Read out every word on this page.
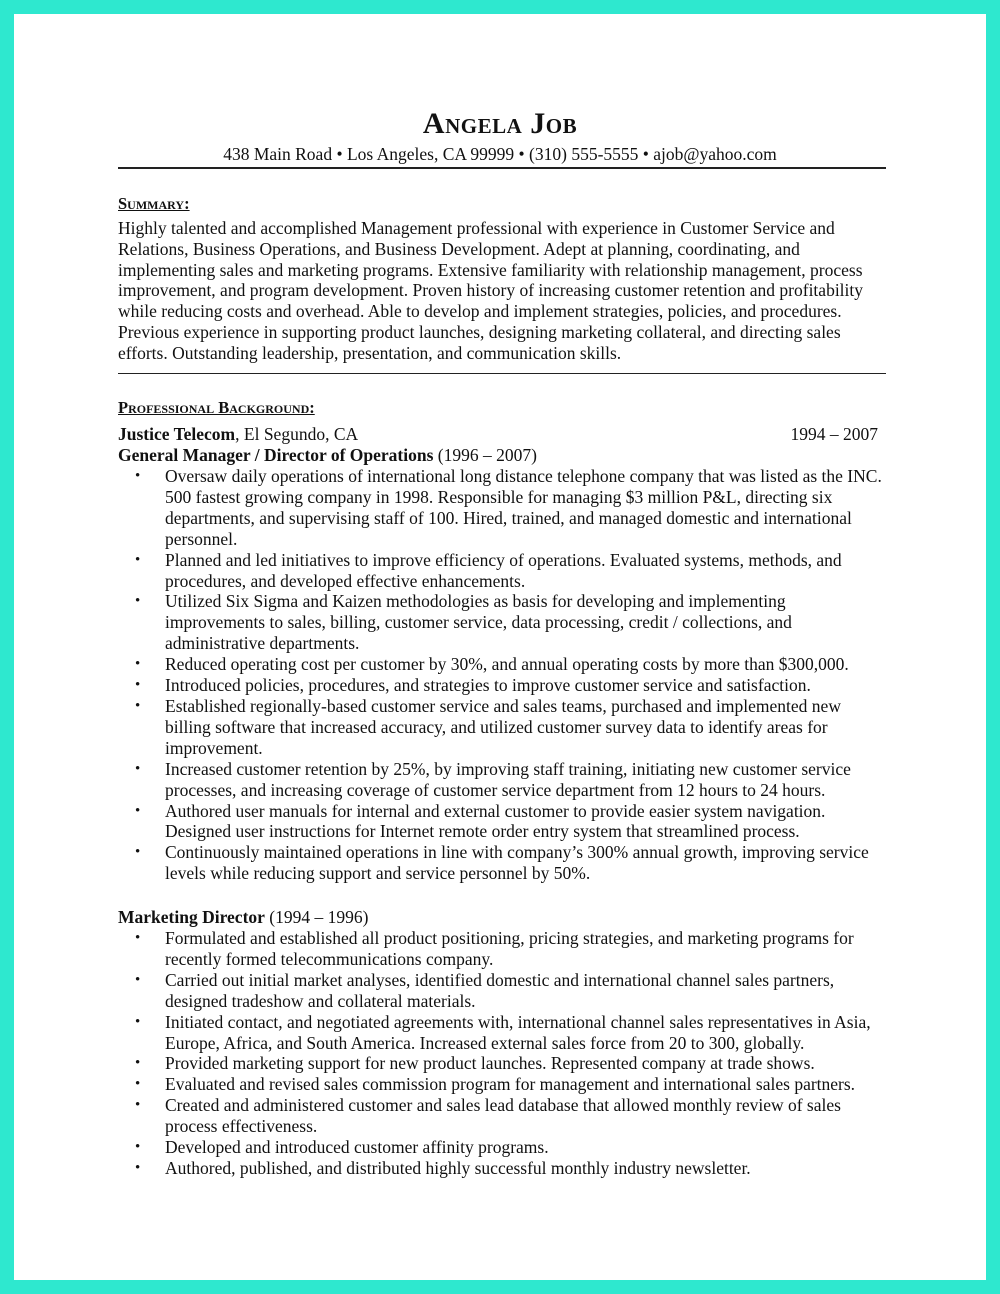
Angela Job
438 Main Road • Los Angeles, CA 99999 • (310) 555-5555 • ajob@yahoo.com
Summary:
Highly talented and accomplished Management professional with experience in Customer Service and Relations, Business Operations, and Business Development. Adept at planning, coordinating, and implementing sales and marketing programs. Extensive familiarity with relationship management, process improvement, and program development. Proven history of increasing customer retention and profitability while reducing costs and overhead. Able to develop and implement strategies, policies, and procedures. Previous experience in supporting product launches, designing marketing collateral, and directing sales efforts. Outstanding leadership, presentation, and communication skills.
Professional Background:
Justice Telecom, El Segundo, CA	1994 – 2007
General Manager / Director of Operations (1996 – 2007)
• Oversaw daily operations of international long distance telephone company that was listed as the INC. 500 fastest growing company in 1998. Responsible for managing $3 million P&L, directing six departments, and supervising staff of 100. Hired, trained, and managed domestic and international personnel.
• Planned and led initiatives to improve efficiency of operations. Evaluated systems, methods, and procedures, and developed effective enhancements.
• Utilized Six Sigma and Kaizen methodologies as basis for developing and implementing improvements to sales, billing, customer service, data processing, credit / collections, and administrative departments.
• Reduced operating cost per customer by 30%, and annual operating costs by more than $300,000.
• Introduced policies, procedures, and strategies to improve customer service and satisfaction.
• Established regionally-based customer service and sales teams, purchased and implemented new billing software that increased accuracy, and utilized customer survey data to identify areas for improvement.
• Increased customer retention by 25%, by improving staff training, initiating new customer service processes, and increasing coverage of customer service department from 12 hours to 24 hours.
• Authored user manuals for internal and external customer to provide easier system navigation. Designed user instructions for Internet remote order entry system that streamlined process.
• Continuously maintained operations in line with company’s 300% annual growth, improving service levels while reducing support and service personnel by 50%.
Marketing Director (1994 – 1996)
• Formulated and established all product positioning, pricing strategies, and marketing programs for recently formed telecommunications company.
• Carried out initial market analyses, identified domestic and international channel sales partners, designed tradeshow and collateral materials.
• Initiated contact, and negotiated agreements with, international channel sales representatives in Asia, Europe, Africa, and South America. Increased external sales force from 20 to 300, globally.
• Provided marketing support for new product launches. Represented company at trade shows.
• Evaluated and revised sales commission program for management and international sales partners.
• Created and administered customer and sales lead database that allowed monthly review of sales process effectiveness.
• Developed and introduced customer affinity programs.
• Authored, published, and distributed highly successful monthly industry newsletter.
